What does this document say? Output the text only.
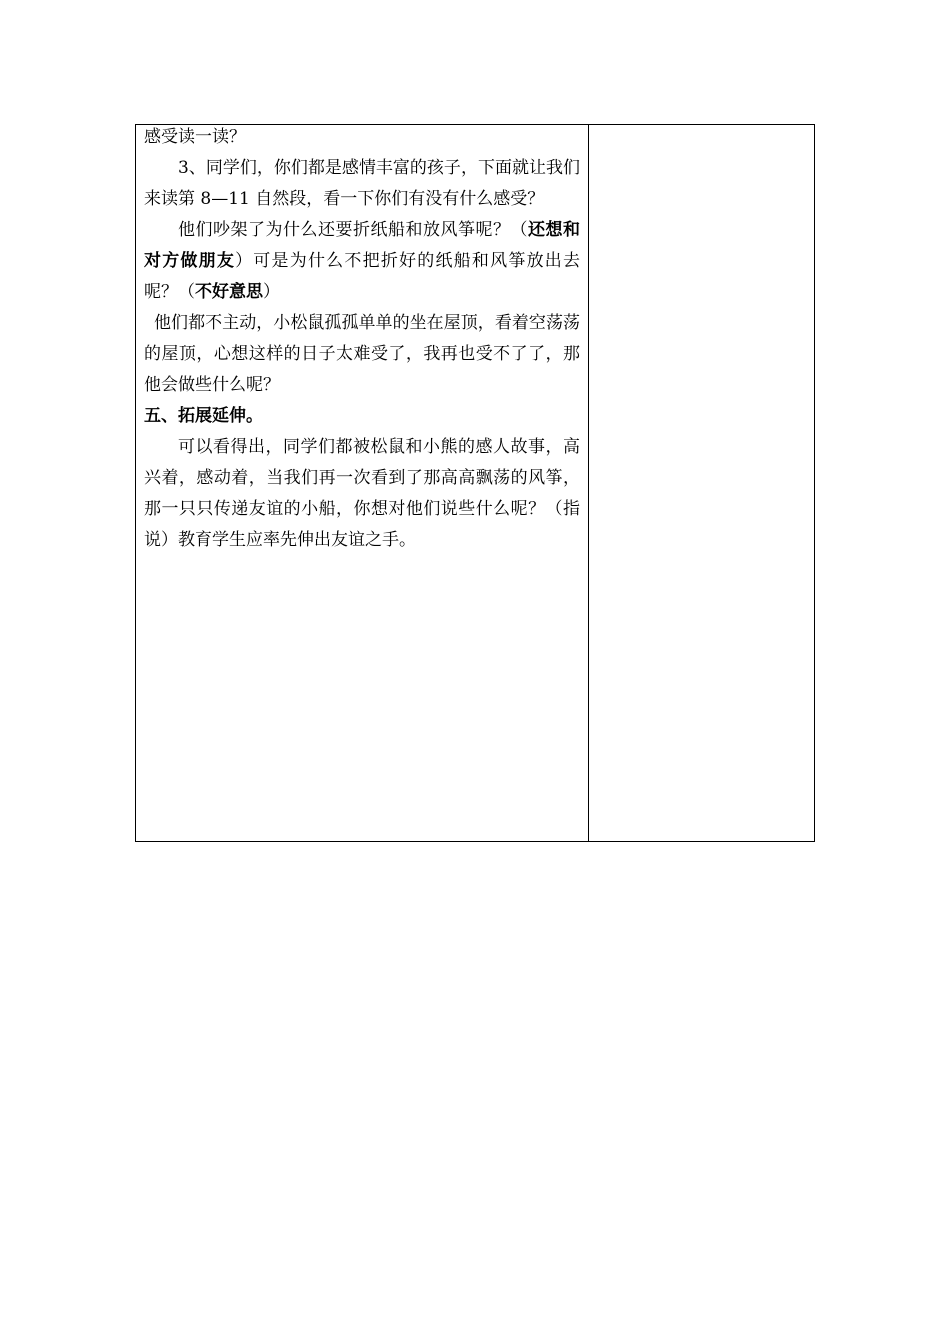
感受读一读？

3、同学们，你们都是感情丰富的孩子，下面就让我们来读第 8—11 自然段，看一下你们有没有什么感受？

他们吵架了为什么还要折纸船和放风筝呢？（还想和对方做朋友）可是为什么不把折好的纸船和风筝放出去呢？（不好意思）

他们都不主动，小松鼠孤孤单单的坐在屋顶，看着空荡荡的屋顶，心想这样的日子太难受了，我再也受不了了，那他会做些什么呢？

五、拓展延伸。

可以看得出，同学们都被松鼠和小熊的感人故事，高兴着，感动着，当我们再一次看到了那高高飘荡的风筝，那一只只传递友谊的小船，你想对他们说些什么呢？（指说）教育学生应率先伸出友谊之手。
